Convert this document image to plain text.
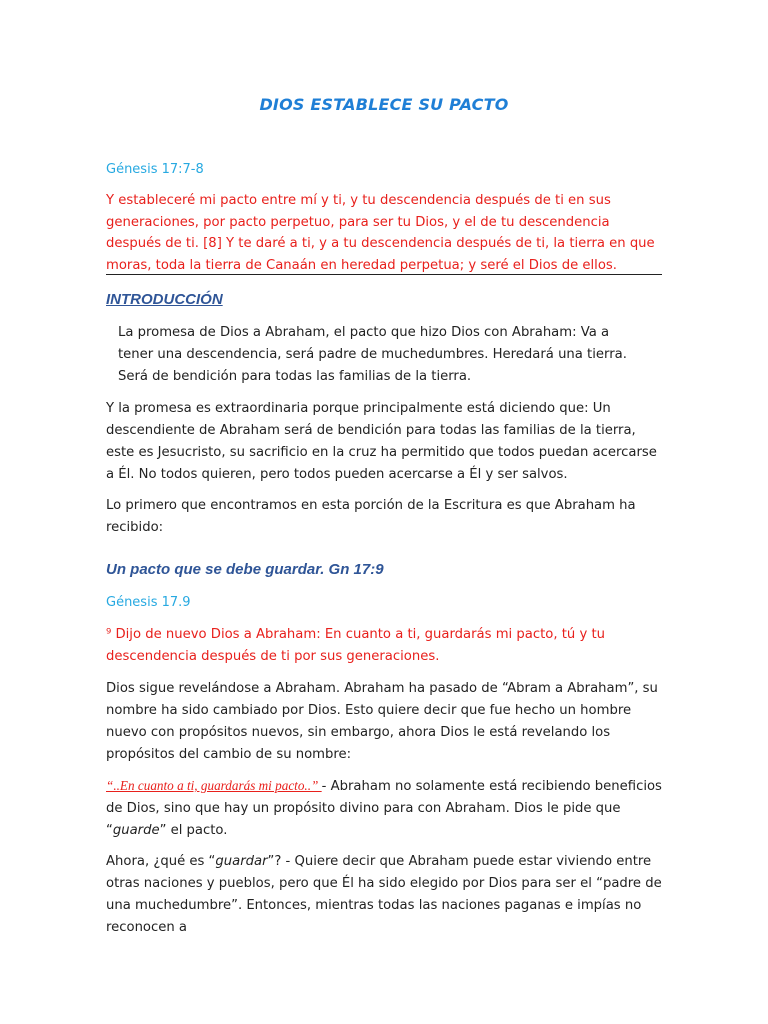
DIOS ESTABLECE SU PACTO
Génesis 17:7-8
Y estableceré mi pacto entre mí y ti, y tu descendencia después de ti en sus generaciones, por pacto perpetuo, para ser tu Dios, y el de tu descendencia después de ti. [8] Y te daré a ti, y a tu descendencia después de ti, la tierra en que moras, toda la tierra de Canaán en heredad perpetua; y seré el Dios de ellos.
INTRODUCCIÓN
La promesa de Dios a Abraham, el pacto que hizo Dios con Abraham: Va a tener una descendencia, será padre de muchedumbres. Heredará una tierra. Será de bendición para todas las familias de la tierra.
Y la promesa es extraordinaria porque principalmente está diciendo que: Un descendiente de Abraham será de bendición para todas las familias de la tierra, este es Jesucristo, su sacrificio en la cruz ha permitido que todos puedan acercarse a Él. No todos quieren, pero todos pueden acercarse a Él y ser salvos.
Lo primero que encontramos en esta porción de la Escritura es que Abraham ha recibido:
Un pacto que se debe guardar. Gn 17:9
Génesis 17.9
⁹ Dijo de nuevo Dios a Abraham: En cuanto a ti, guardarás mi pacto, tú y tu descendencia después de ti por sus generaciones.
Dios sigue revelándose a Abraham. Abraham ha pasado de “Abram a Abraham”, su nombre ha sido cambiado por Dios. Esto quiere decir que fue hecho un hombre nuevo con propósitos nuevos, sin embargo, ahora Dios le está revelando los propósitos del cambio de su nombre:
“..En cuanto a ti, guardarás mi pacto..” - Abraham no solamente está recibiendo beneficios de Dios, sino que hay un propósito divino para con Abraham. Dios le pide que “guarde” el pacto.
Ahora, ¿qué es “guardar”? - Quiere decir que Abraham puede estar viviendo entre otras naciones y pueblos, pero que Él ha sido elegido por Dios para ser el “padre de una muchedumbre”. Entonces, mientras todas las naciones paganas e impías no reconocen a
